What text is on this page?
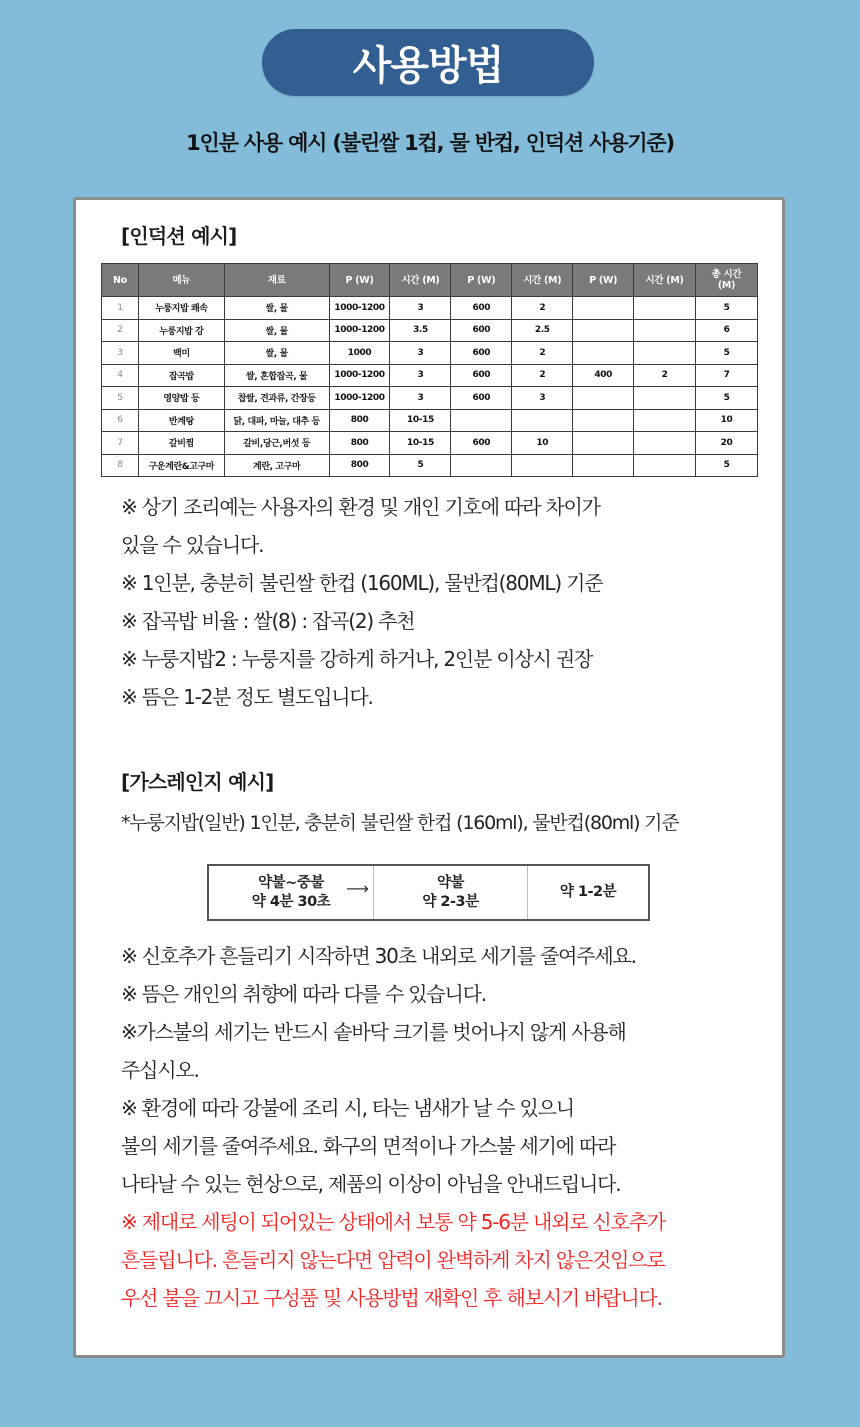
사용방법
1인분 사용 예시 (불린쌀 1컵, 물 반컵, 인덕션 사용기준)
[인덕션 예시]
No	메뉴	재료	P (W)	시간 (M)	P (W)	시간 (M)	P (W)	시간 (M)	총 시간 (M)
1	누룽지밥 쾌속	쌀, 물	1000-1200	3	600	2			5
2	누룽지밥 강	쌀, 물	1000-1200	3.5	600	2.5			6
3	백미	쌀, 물	1000	3	600	2			5
4	잡곡밥	쌀, 혼합잡곡, 물	1000-1200	3	600	2	400	2	7
5	영양밥 등	찹쌀, 견과류, 간장등	1000-1200	3	600	3			5
6	반계탕	닭, 대파, 마늘, 대추 등	800	10-15					10
7	갈비찜	갈비,당근,버섯 등	800	10-15	600	10			20
8	구운계란&고구마	계란, 고구마	800	5					5

※ 상기 조리예는 사용자의 환경 및 개인 기호에 따라 차이가

있을 수 있습니다.

※ 1인분, 충분히 불린쌀 한컵 (160ML), 물반컵(80ML) 기준

※ 잡곡밥 비율 : 쌀(8) : 잡곡(2) 추천

※ 누룽지밥2 : 누룽지를 강하게 하거나, 2인분 이상시 권장

※ 뜸은 1-2분 정도 별도입니다.

[가스레인지 예시]
*누룽지밥(일반) 1인분, 충분히 불린쌀 한컵 (160ml), 물반컵(80ml) 기준
약불~중불
약 4분 30초
⟶	약불
약 2-3분
약 1-2분

※ 신호추가 흔들리기 시작하면 30초 내외로 세기를 줄여주세요.

※ 뜸은 개인의 취향에 따라 다를 수 있습니다.

※가스불의 세기는 반드시 솥바닥 크기를 벗어나지 않게 사용해

주십시오.

※ 환경에 따라 강불에 조리 시, 타는 냄새가 날 수 있으니

불의 세기를 줄여주세요. 화구의 면적이나 가스불 세기에 따라

나타날 수 있는 현상으로, 제품의 이상이 아님을 안내드립니다.

※ 제대로 세팅이 되어있는 상태에서 보통 약 5-6분 내외로 신호추가

흔들립니다. 흔들리지 않는다면 압력이 완벽하게 차지 않은것임으로

우선 불을 끄시고 구성품 및 사용방법 재확인 후 해보시기 바랍니다.
